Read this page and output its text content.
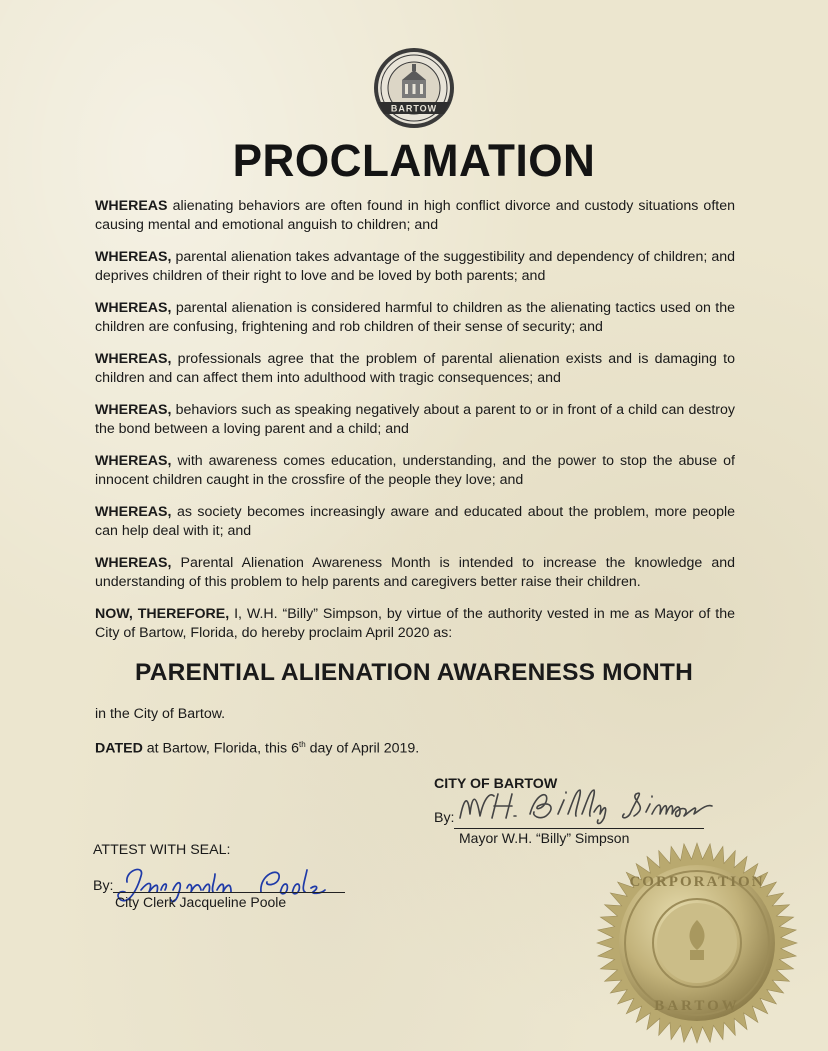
BARTOW
PROCLAMATION

WHEREAS alienating behaviors are often found in high conflict divorce and custody situations often causing mental and emotional anguish to children; and

WHEREAS, parental alienation takes advantage of the suggestibility and dependency of children; and deprives children of their right to love and be loved by both parents; and

WHEREAS, parental alienation is considered harmful to children as the alienating tactics used on the children are confusing, frightening and rob children of their sense of security; and

WHEREAS, professionals agree that the problem of parental alienation exists and is damaging to children and can affect them into adulthood with tragic consequences; and

WHEREAS, behaviors such as speaking negatively about a parent to or in front of a child can destroy the bond between a loving parent and a child; and

WHEREAS, with awareness comes education, understanding, and the power to stop the abuse of innocent children caught in the crossfire of the people they love; and

WHEREAS, as society becomes increasingly aware and educated about the problem, more people can help deal with it; and

WHEREAS, Parental Alienation Awareness Month is intended to increase the knowledge and understanding of this problem to help parents and caregivers better raise their children.

NOW, THEREFORE, I, W.H. “Billy” Simpson, by virtue of the authority vested in me as Mayor of the City of Bartow, Florida, do hereby proclaim April 2020 as:

PARENTIAL ALIENATION AWARENESS MONTH
in the City of Bartow.
DATED at Bartow, Florida, this 6th day of April 2019.
CITY OF BARTOW
By:
Mayor W.H. “Billy” Simpson
ATTEST WITH SEAL:
By:
City Clerk Jacqueline Poole
CORPORATION
BARTOW
